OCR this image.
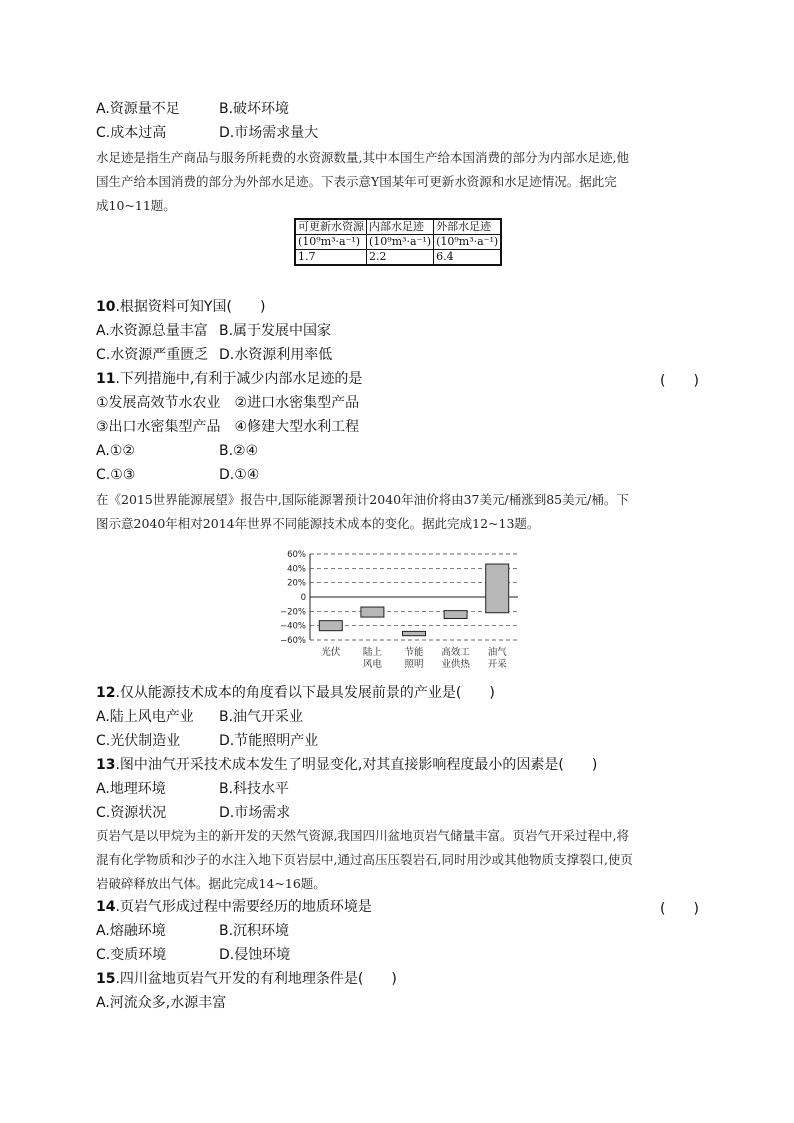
A.资源量不足	B.破坏环境
C.成本过高	D.市场需求量大
水足迹是指生产商品与服务所耗费的水资源数量,其中本国生产给本国消费的部分为内部水足迹,他
国生产给本国消费的部分为外部水足迹。下表示意Y国某年可更新水资源和水足迹情况。据此完
成10~11题。
可更新水资源	内部水足迹	外部水足迹
(10⁹m³·a⁻¹)	(10⁹m³·a⁻¹)	(10⁹m³·a⁻¹)
1.7	2.2	6.4
10.根据资料可知Y国(　　)
A.水资源总量丰富 B.属于发展中国家
C.水资源严重匮乏 D.水资源利用率低
11.下列措施中,有利于减少内部水足迹的是	(　　)
①发展高效节水农业　②进口水密集型产品
③出口水密集型产品　④修建大型水利工程
A.①②	B.②④
C.①③	D.①④
在《2015世界能源展望》报告中,国际能源署预计2040年油价将由37美元/桶涨到85美元/桶。下
图示意2040年相对2014年世界不同能源技术成本的变化。据此完成12~13题。
60%
40%
20%
0
−20%
−40%
−60%
光伏 陆上
风电
节能
照明
高效工
业供热
油气
开采
12.仅从能源技术成本的角度看以下最具发展前景的产业是(　　)
A.陆上风电产业 B.油气开采业
C.光伏制造业	D.节能照明产业
13.图中油气开采技术成本发生了明显变化,对其直接影响程度最小的因素是(　　)
A.地理环境	B.科技水平
C.资源状况	D.市场需求
页岩气是以甲烷为主的新开发的天然气资源,我国四川盆地页岩气储量丰富。页岩气开采过程中,将
混有化学物质和沙子的水注入地下页岩层中,通过高压压裂岩石,同时用沙或其他物质支撑裂口,使页
岩破碎释放出气体。据此完成14~16题。
14.页岩气形成过程中需要经历的地质环境是	(　　)
A.熔融环境	B.沉积环境
C.变质环境	D.侵蚀环境
15.四川盆地页岩气开发的有利地理条件是(　　)
A.河流众多,水源丰富
